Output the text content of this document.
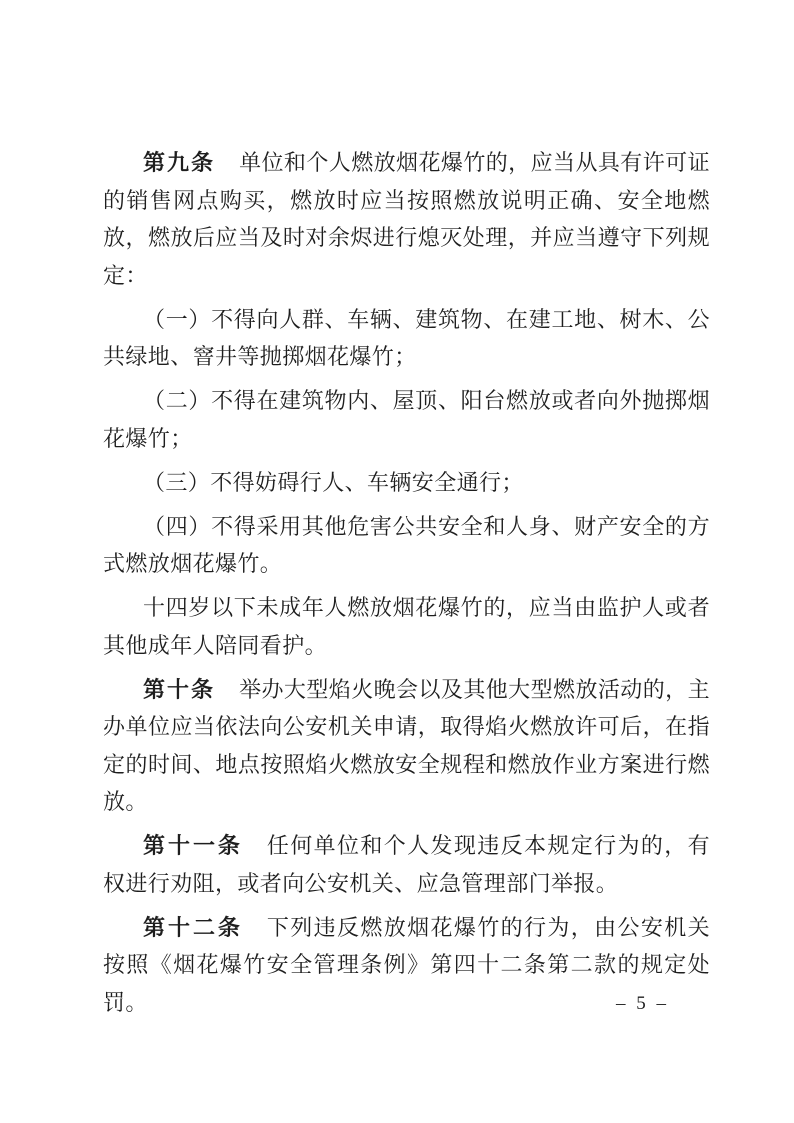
第九条 单位和个人燃放烟花爆竹的，应当从具有许可证的销售网点购买，燃放时应当按照燃放说明正确、安全地燃放，燃放后应当及时对余烬进行熄灭处理，并应当遵守下列规定：

（一）不得向人群、车辆、建筑物、在建工地、树木、公共绿地、窨井等抛掷烟花爆竹；

（二）不得在建筑物内、屋顶、阳台燃放或者向外抛掷烟花爆竹；

（三）不得妨碍行人、车辆安全通行；

（四）不得采用其他危害公共安全和人身、财产安全的方式燃放烟花爆竹。

十四岁以下未成年人燃放烟花爆竹的，应当由监护人或者其他成年人陪同看护。

第十条 举办大型焰火晚会以及其他大型燃放活动的，主办单位应当依法向公安机关申请，取得焰火燃放许可后，在指定的时间、地点按照焰火燃放安全规程和燃放作业方案进行燃放。

第十一条 任何单位和个人发现违反本规定行为的，有权进行劝阻，或者向公安机关、应急管理部门举报。

第十二条 下列违反燃放烟花爆竹的行为，由公安机关按照《烟花爆竹安全管理条例》第四十二条第二款的规定处罚。	– 5 –
